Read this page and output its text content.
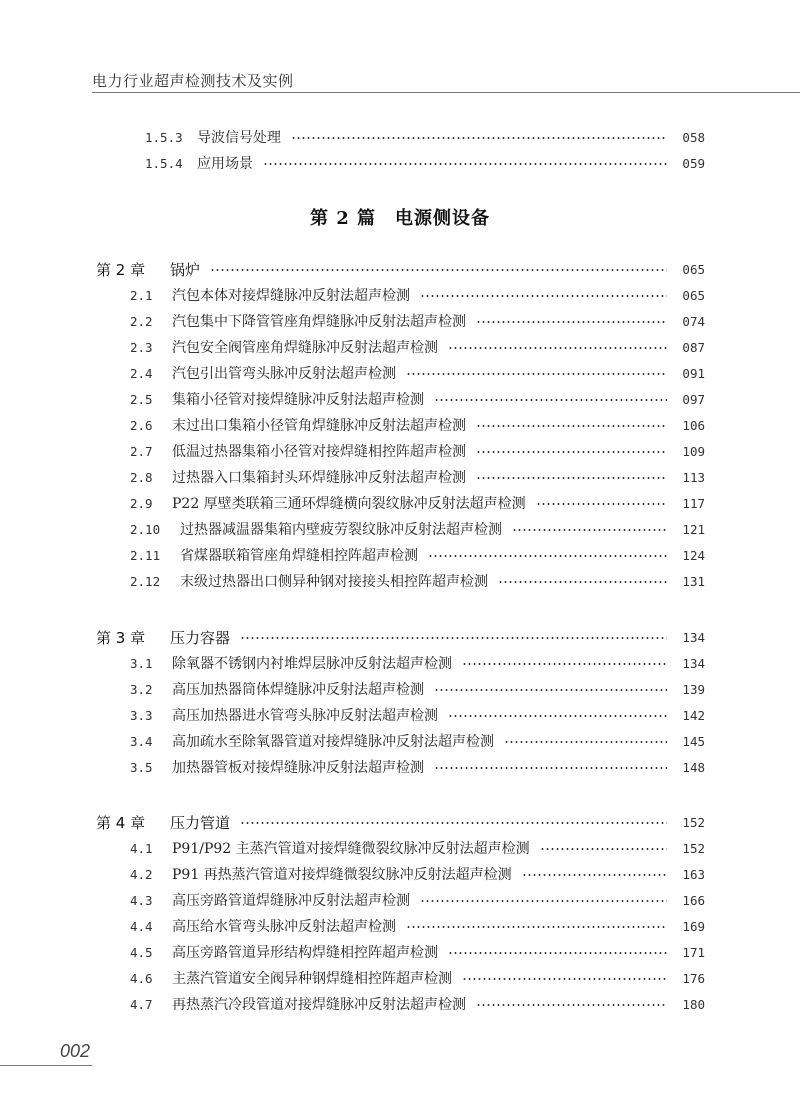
电力行业超声检测技术及实例
1.5.3	导波信号处理	058
1.5.4	应用场景	059
第 2 篇　电源侧设备
第 2 章	锅炉	065
2.1	汽包本体对接焊缝脉冲反射法超声检测	065
2.2	汽包集中下降管管座角焊缝脉冲反射法超声检测	074
2.3	汽包安全阀管座角焊缝脉冲反射法超声检测	087
2.4	汽包引出管弯头脉冲反射法超声检测	091
2.5	集箱小径管对接焊缝脉冲反射法超声检测	097
2.6	末过出口集箱小径管角焊缝脉冲反射法超声检测	106
2.7	低温过热器集箱小径管对接焊缝相控阵超声检测	109
2.8	过热器入口集箱封头环焊缝脉冲反射法超声检测	113
2.9	P22 厚壁类联箱三通环焊缝横向裂纹脉冲反射法超声检测	117
2.10	过热器减温器集箱内壁疲劳裂纹脉冲反射法超声检测	121
2.11	省煤器联箱管座角焊缝相控阵超声检测	124
2.12	末级过热器出口侧异种钢对接接头相控阵超声检测	131
第 3 章	压力容器	134
3.1	除氧器不锈钢内衬堆焊层脉冲反射法超声检测	134
3.2	高压加热器筒体焊缝脉冲反射法超声检测	139
3.3	高压加热器进水管弯头脉冲反射法超声检测	142
3.4	高加疏水至除氧器管道对接焊缝脉冲反射法超声检测	145
3.5	加热器管板对接焊缝脉冲反射法超声检测	148
第 4 章	压力管道	152
4.1	P91/P92 主蒸汽管道对接焊缝微裂纹脉冲反射法超声检测	152
4.2	P91 再热蒸汽管道对接焊缝微裂纹脉冲反射法超声检测	163
4.3	高压旁路管道焊缝脉冲反射法超声检测	166
4.4	高压给水管弯头脉冲反射法超声检测	169
4.5	高压旁路管道异形结构焊缝相控阵超声检测	171
4.6	主蒸汽管道安全阀异种钢焊缝相控阵超声检测	176
4.7	再热蒸汽冷段管道对接焊缝脉冲反射法超声检测	180
002
